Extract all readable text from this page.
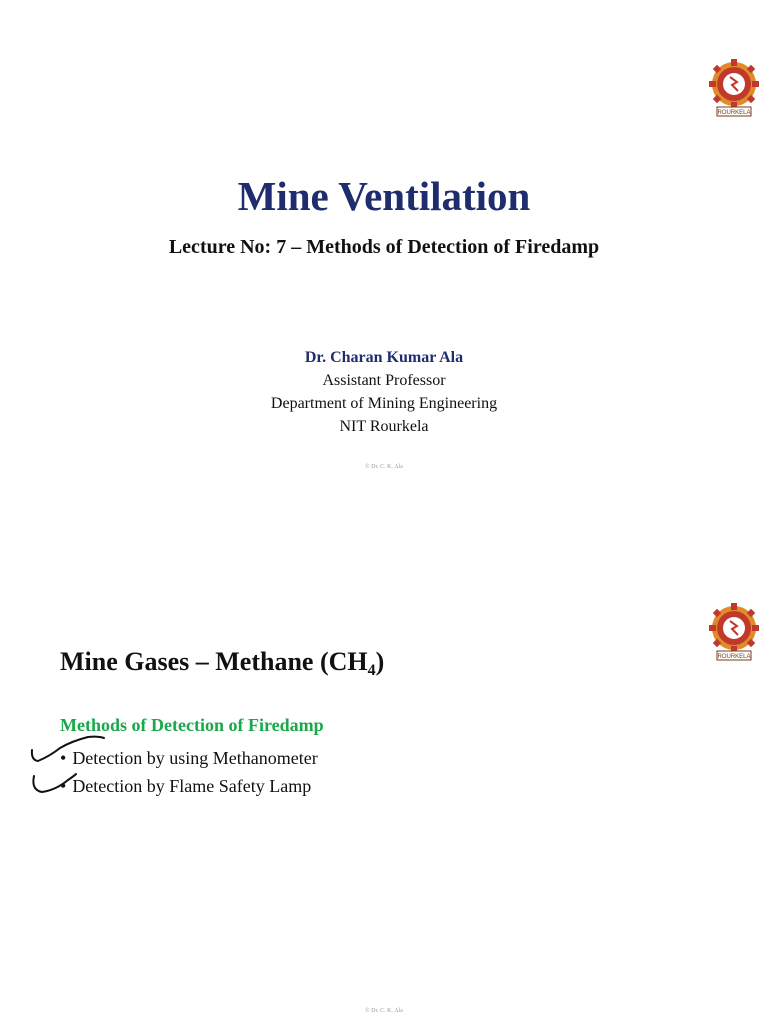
ROURKELA
Mine Ventilation
Lecture No: 7 – Methods of Detection of Firedamp
Dr. Charan Kumar Ala
Assistant Professor
Department of Mining Engineering
NIT Rourkela
© Dr. C. K. Ala
ROURKELA
Mine Gases – Methane $(CH_4)$
Methods of Detection of Firedamp
• Detection by using Methanometer
• Detection by Flame Safety Lamp
© Dr. C. K. Ala
